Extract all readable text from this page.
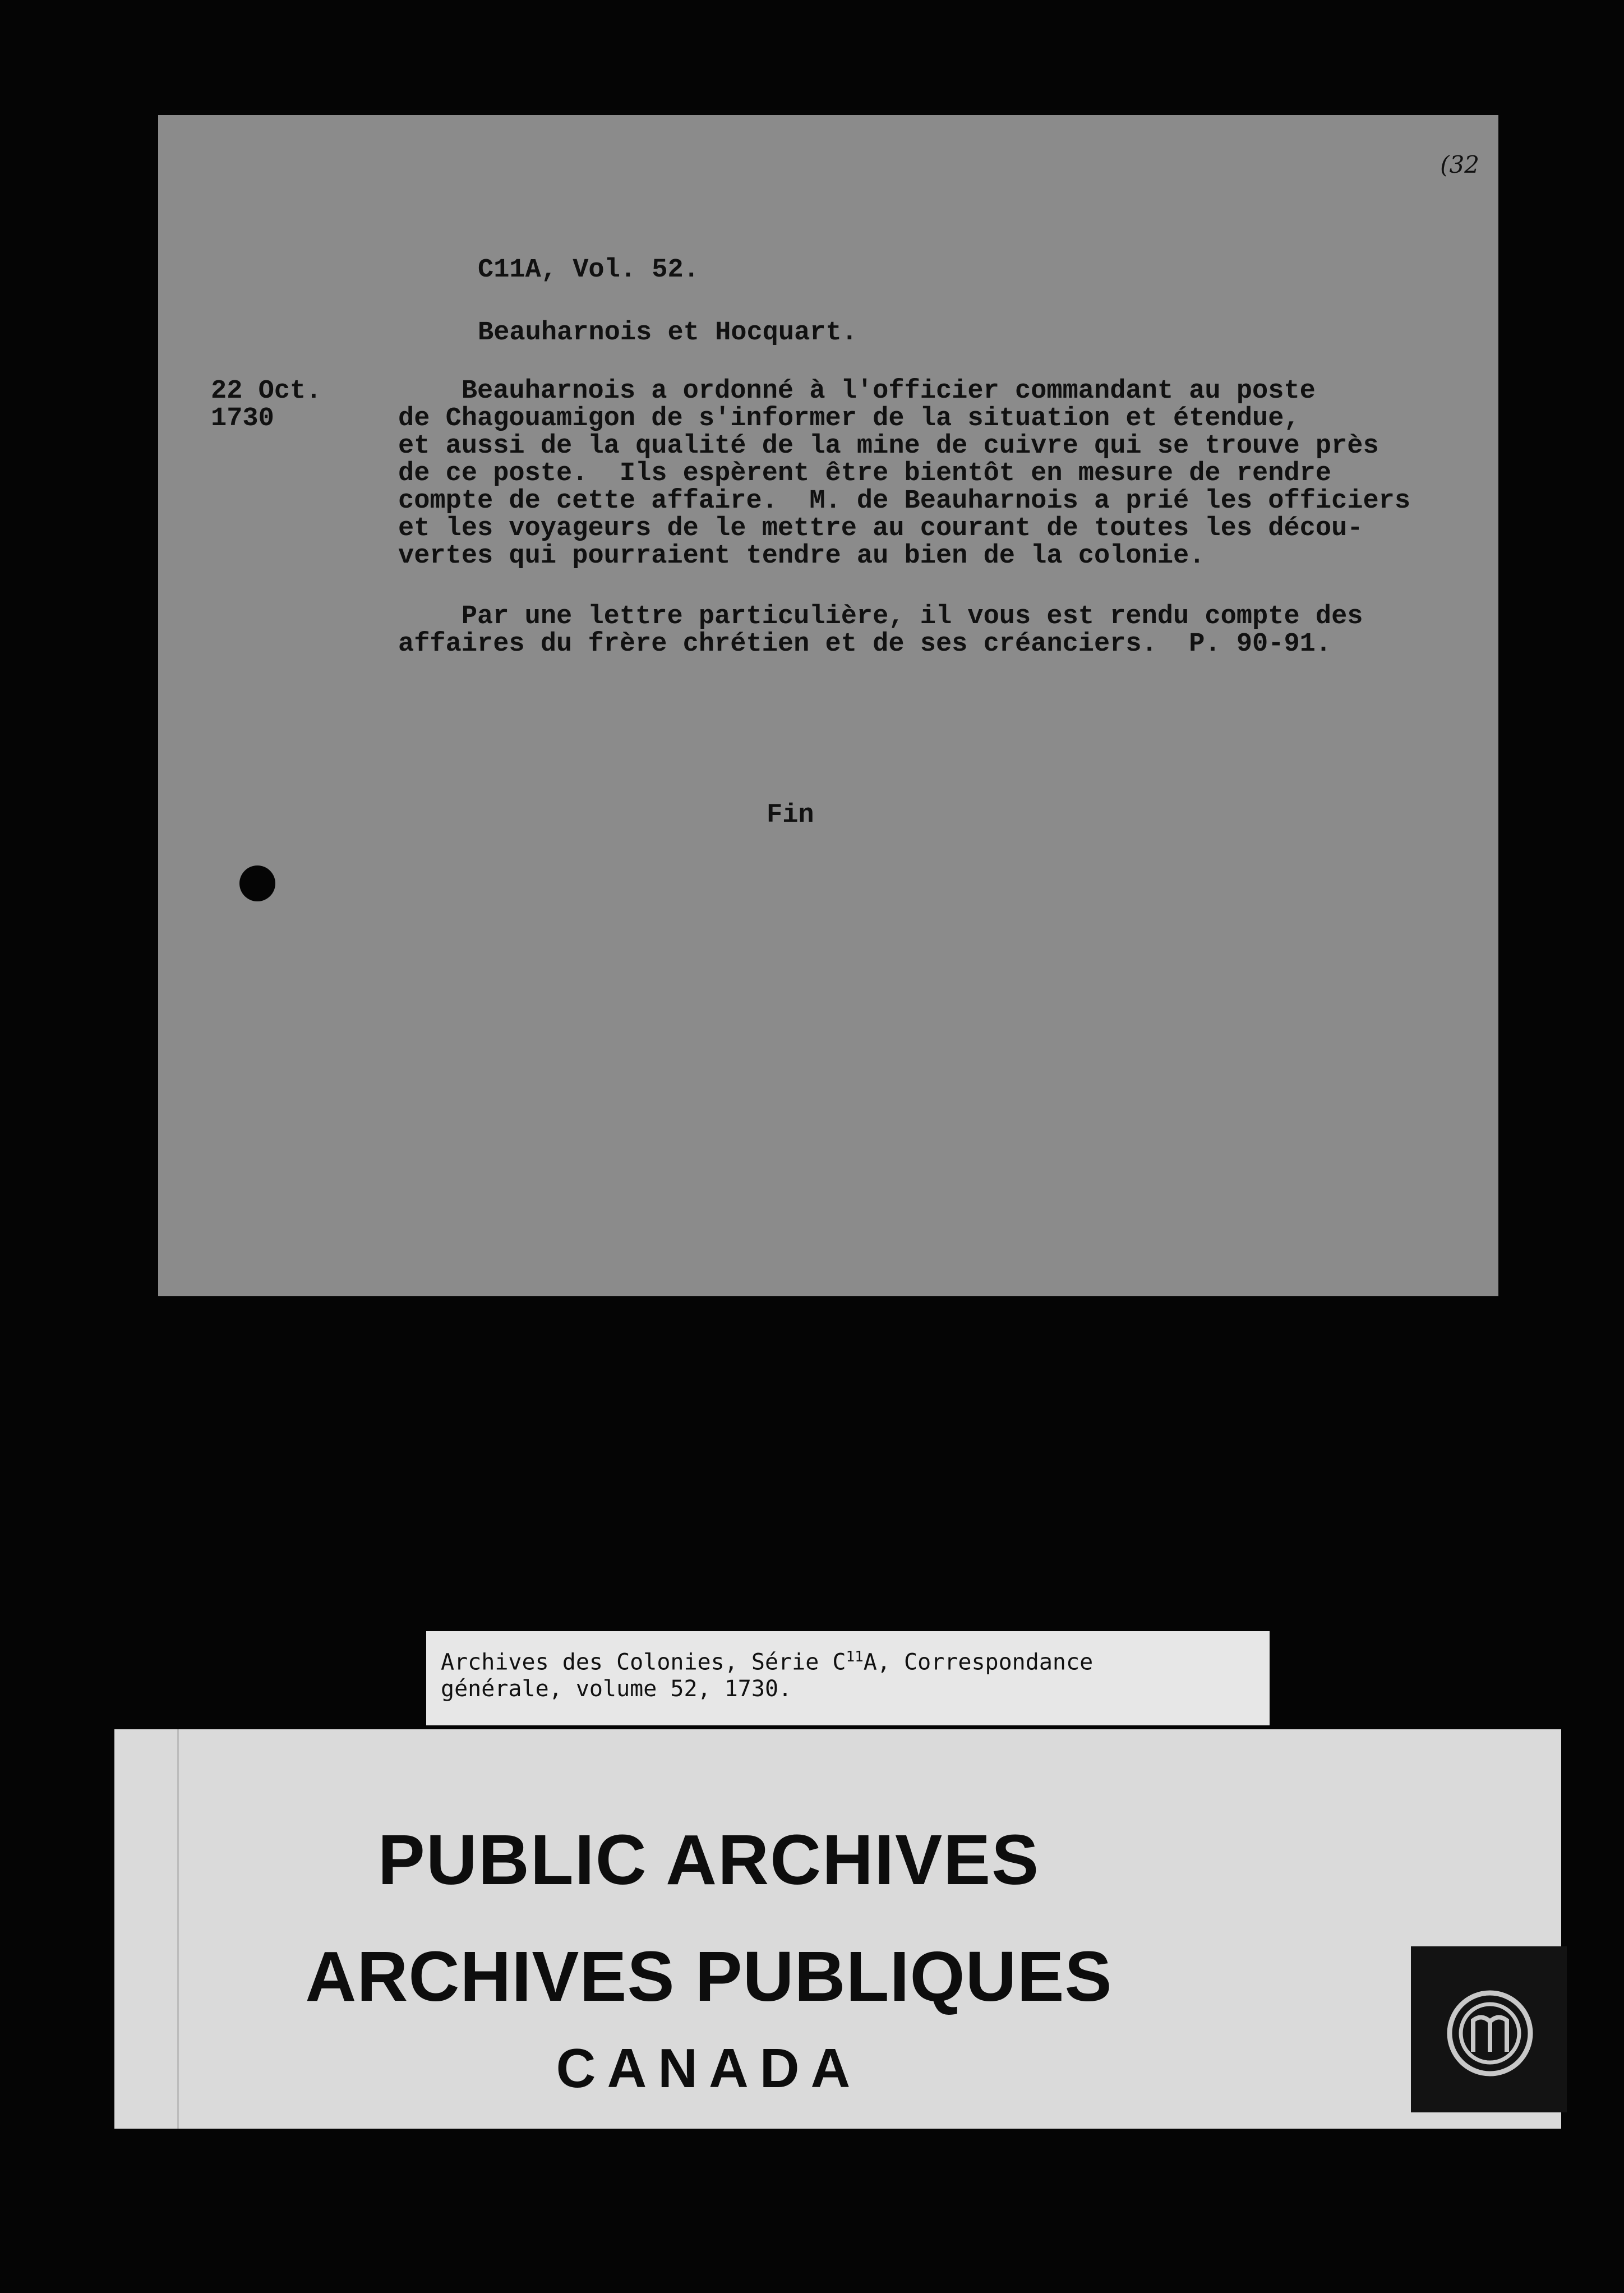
( 32

C11A, Vol. 52.

Beauharnois et Hocquart.

22 Oct.

1730

Beauharnois a ordonné à l'officier commandant au poste

de Chagouamigon de s'informer de la situation et étendue,

et aussi de la qualité de la mine de cuivre qui se trouve près

de ce poste.  Ils espèrent être bientôt en mesure de rendre

compte de cette affaire.  M. de Beauharnois a prié les officiers

et les voyageurs de le mettre au courant de toutes les décou-

vertes qui pourraient tendre au bien de la colonie.

Par une lettre particulière, il vous est rendu compte des

affaires du frère chrétien et de ses créanciers.  P. 90-91.

Fin

Archives des Colonies, Série $C^{11}A$, Correspondance
générale, volume 52, 1730.

PUBLIC ARCHIVES

ARCHIVES PUBLIQUES

CANADA
